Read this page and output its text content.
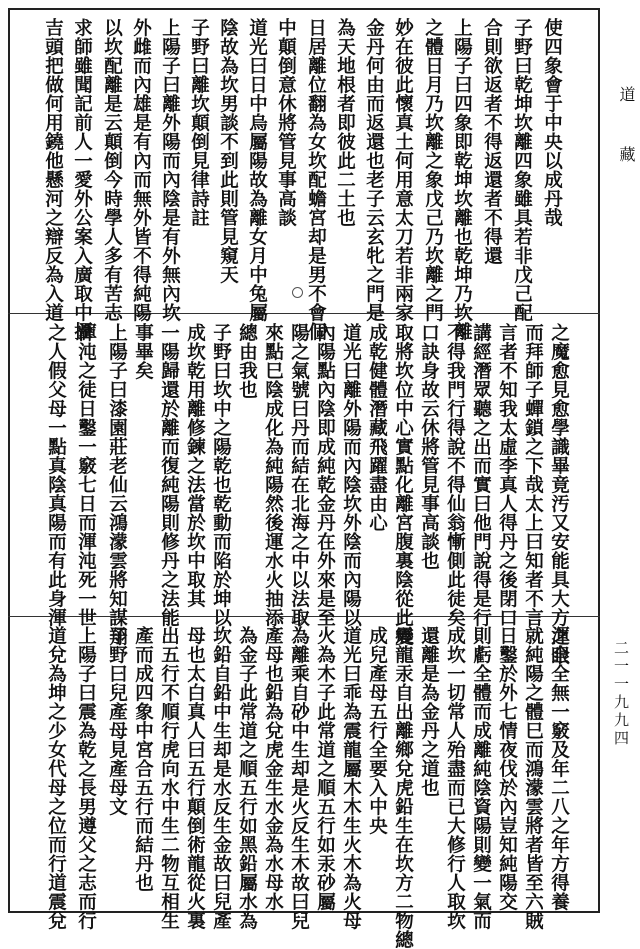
道藏
二一一九九四
使四象會于中央以成丹哉
子野曰乾坤坎離四象雖具若非戊己配
合則欲返者不得返還者不得還
上陽子曰四象即乾坤坎離也乾坤乃坎離
之體日月乃坎離之象戊己乃坎離之門
妙在彼此懷真土何用意太刀若非兩家
金丹何由而返還也老子云玄牝之門是
為天地根者即彼此二土也
日居離位翻為女坎配蟾宮却是男不會個
中顛倒意休將管見事高談
道光曰日中烏屬陽故為離女月中兔屬
陰故為坎男談不到此則管見窺天
子野曰離坎顛倒見律詩註
上陽子曰離外陽而內陰是有外無內坎
外雌而內雄是有內而無外皆不得純陽
以坎配離是云顛倒今時學人多有苦志
求師雖聞記前人一愛外公案入廣取中攝
吉頭把做何用鐃他懸河之辯反為入道
之魔愈見愈學識畢竟汚又安能具大方之眼
而拜師子蟬鎖之下哉太上曰知者不言
言者不知我太虛李真人得丹之後閉口
講經潛眾聽之出而實曰他門說得是行
不得我門行得說不得仙翁慚側此徒矣
口訣身故云休將管見事高談也
取將坎位中心實點化離宮腹裏陰從此變
成乾健體潛藏飛躍盡由心
道光曰離外陽而內陰坎外陰而內陽以
內陽點內陰即成純乾金丹在外來是至
陽之氣號曰丹而結在北海之中以法取
來點巳陰成化為純陽然後運水火抽添
總由我也
子野曰坎中之陽乾也乾動而陷於坤以
成坎乾用離修鍊之法當於坎中取其
一陽歸還於離而復純陽則修丹之法能
事畢矣
上陽子曰漆園莊老仙云鴻濛雲將知謀翔
渾沌之徒日鑿一竅七日而渾沌死一世
之人假父母一點真陰真陽而有此身渾
渾全全無一竅及年二八之年方得養
就純陽之體巳而鴻濛雲將者皆至六賊
日鑿於外七情夜伐於內豈知純陽交
則虧全體而成離純陰資陽則變一氣而
成坎一切常人殆盡而已大修行人取坎
還離是為金丹之道也
震龍汞自出離鄉兌虎鉛生在坎方二物總
成兒產母五行全要入中央
道光曰乖為震龍屬木木生火木為火母
火為木子此常道之順五行如汞砂屬
為離乘自砂中生却是火反生木故曰兒
產母也鉛為兌虎金生水金為水母水
為金子此常道之順五行如黑鉛屬水為
坎鉛自鉛中生却是水反生金故曰兒產
母也太白真人曰五行顛倒術龍從火裏
出五行不順行虎向水中生二物互相生
產而成四象中宮合五行而結丹也
子野曰兒產母見產母文
上陽子曰震為乾之長男遵父之志而行
道兌為坤之少女代母之位而行道震兌
